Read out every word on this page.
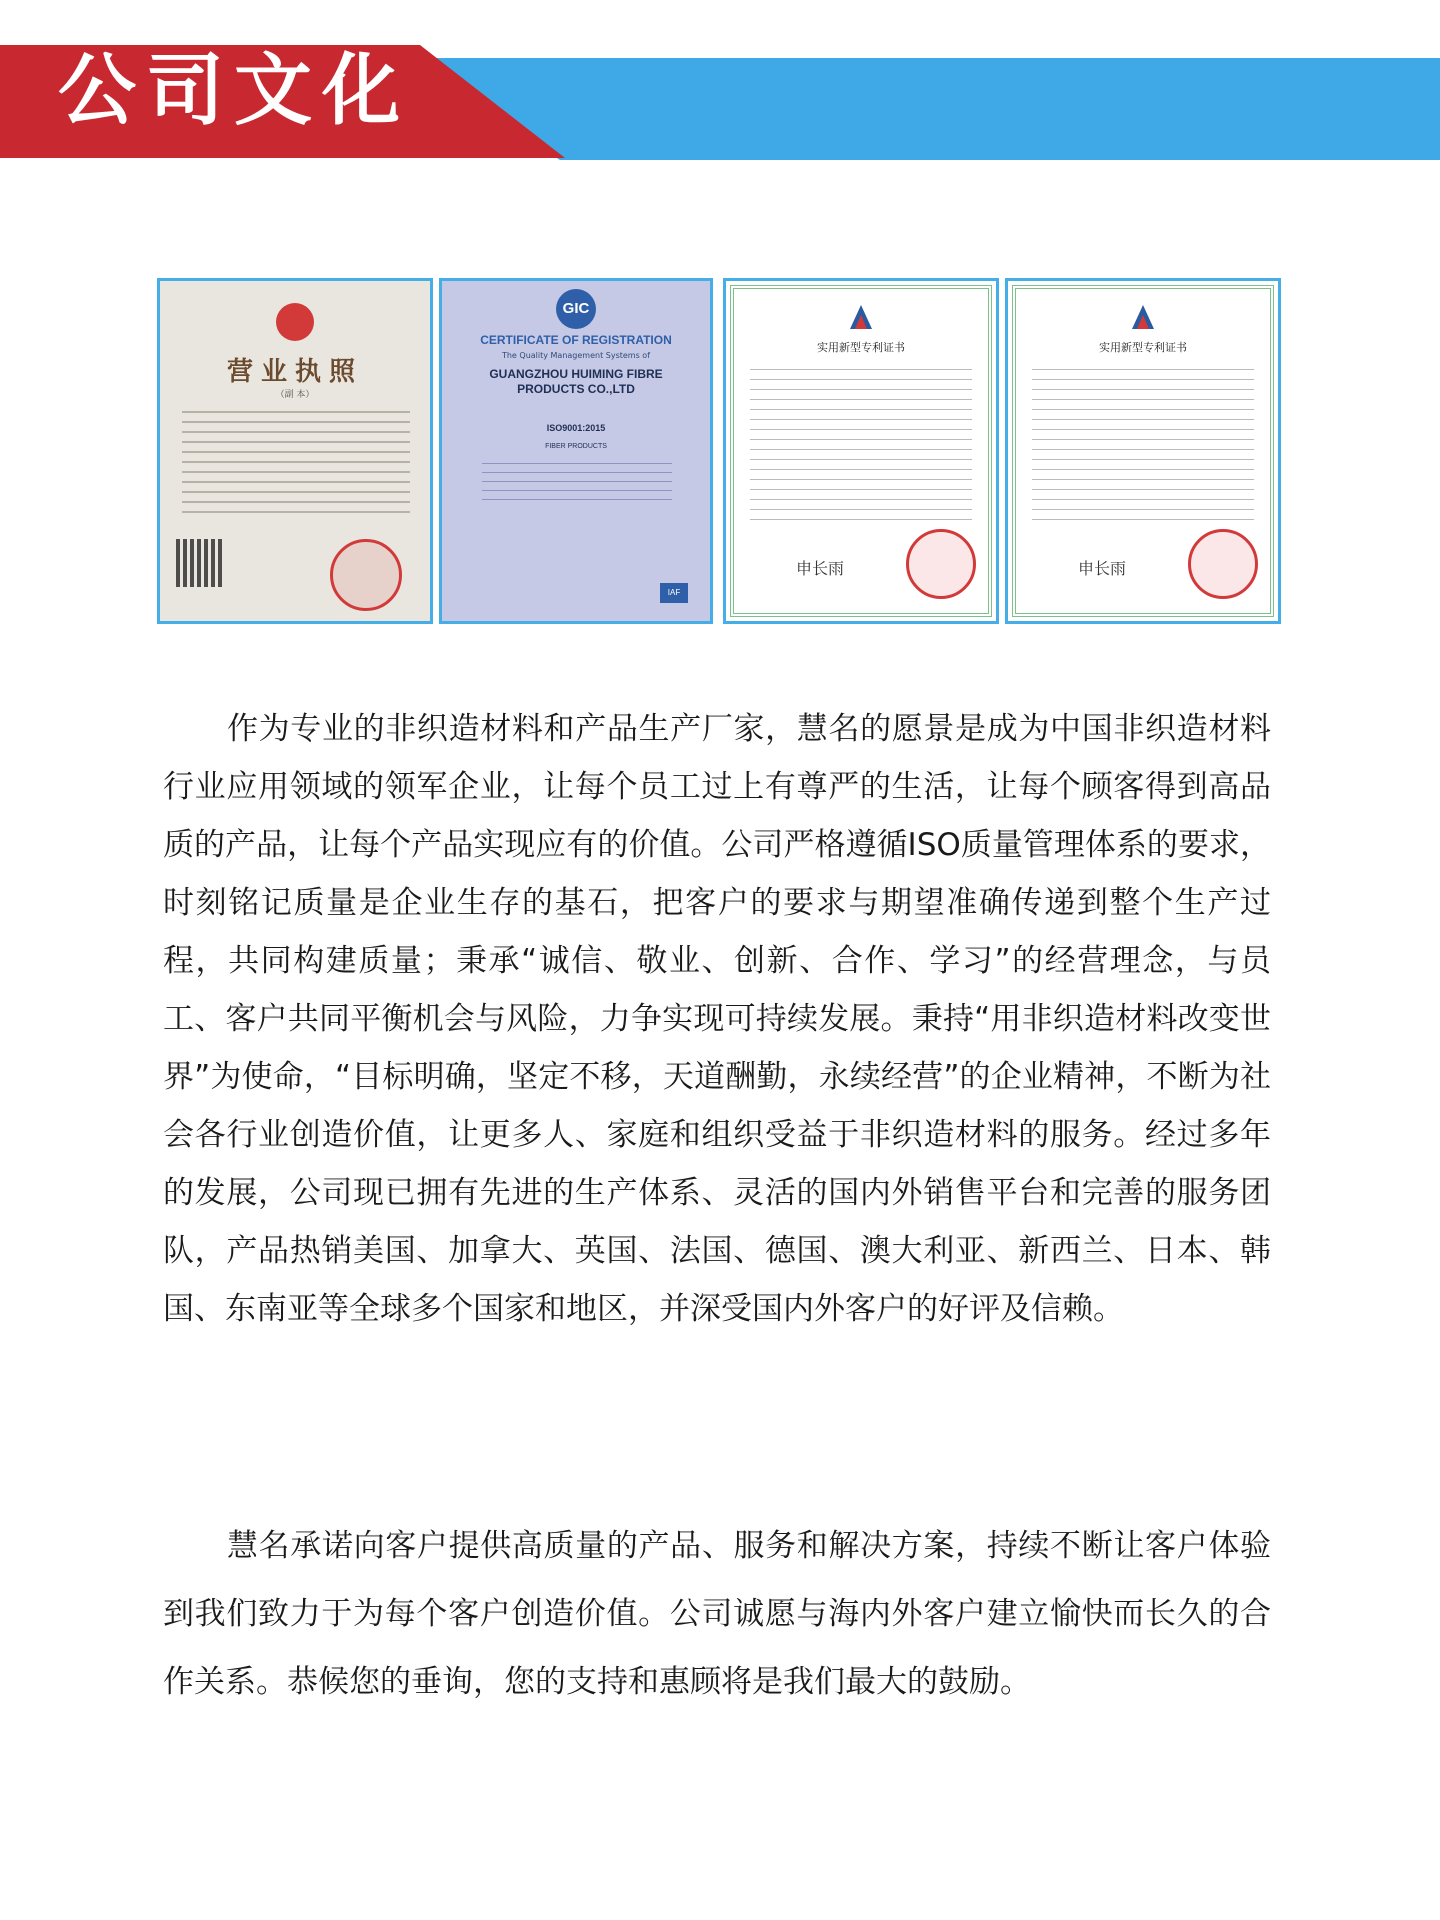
公司文化
营业执照
（副 本）
GIC
CERTIFICATE OF REGISTRATION
The Quality Management Systems of
GUANGZHOU HUIMING FIBRE PRODUCTS CO.,LTD
ISO9001:2015
FIBER PRODUCTS
IAF
实用新型专利证书
申长雨
实用新型专利证书
申长雨

作为专业的非织造材料和产品生产厂家，慧名的愿景是成为中国非织造材料行业应用领域的领军企业，让每个员工过上有尊严的生活，让每个顾客得到高品质的产品，让每个产品实现应有的价值。公司严格遵循ISO质量管理体系的要求，时刻铭记质量是企业生存的基石，把客户的要求与期望准确传递到整个生产过程，共同构建质量；秉承“诚信、敬业、创新、合作、学习”的经营理念，与员工、客户共同平衡机会与风险，力争实现可持续发展。秉持“用非织造材料改变世界”为使命，“目标明确，坚定不移，天道酬勤，永续经营”的企业精神，不断为社会各行业创造价值，让更多人、家庭和组织受益于非织造材料的服务。经过多年的发展，公司现已拥有先进的生产体系、灵活的国内外销售平台和完善的服务团队，产品热销美国、加拿大、英国、法国、德国、澳大利亚、新西兰、日本、韩国、东南亚等全球多个国家和地区，并深受国内外客户的好评及信赖。

慧名承诺向客户提供高质量的产品、服务和解决方案，持续不断让客户体验到我们致力于为每个客户创造价值。公司诚愿与海内外客户建立愉快而长久的合作关系。恭候您的垂询，您的支持和惠顾将是我们最大的鼓励。
